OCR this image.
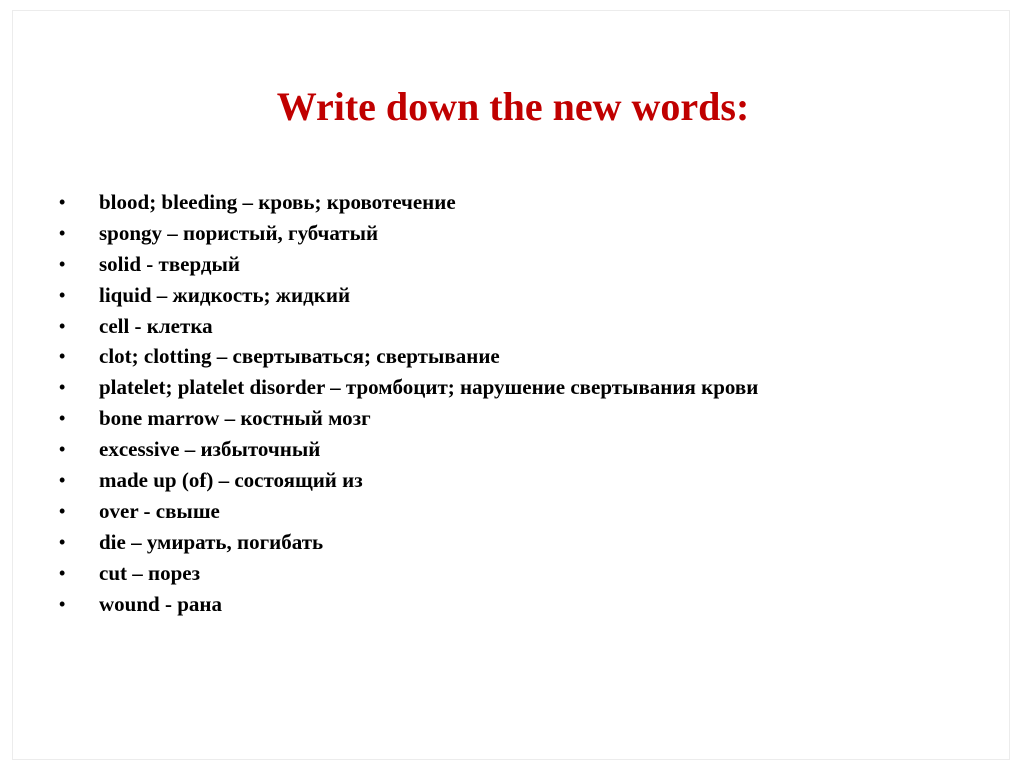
Write down the new words:
•	blood; bleeding – кровь; кровотечение
•	spongy – пористый, губчатый
•	solid - твердый
•	liquid – жидкость; жидкий
•	cell - клетка
•	clot; clotting – свертываться; свертывание
•	platelet; platelet disorder – тромбоцит; нарушение свертывания крови
•	bone marrow – костный мозг
•	excessive – избыточный
•	made up (of) – состоящий из
•	over - свыше
•	die – умирать, погибать
•	cut – порез
•	wound - рана
